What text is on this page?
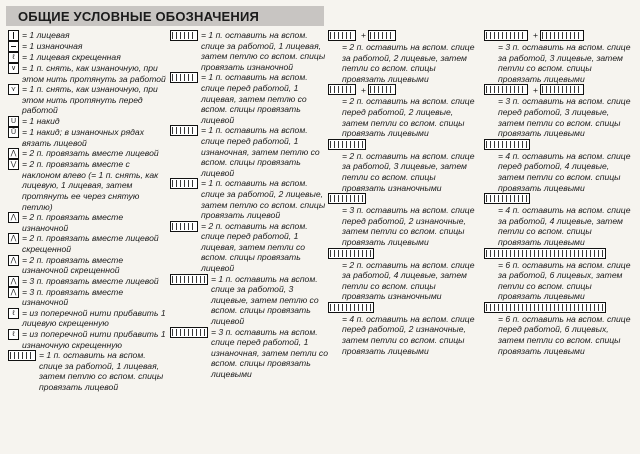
ОБЩИЕ УСЛОВНЫЕ ОБОЗНАЧЕНИЯ
= 1 лицевая
= 1 изнаночная
ℓ = 1 лицевая скрещенная
∨ = 1 п. снять, как изнаночную, при этом нить протянуть за работой
⋎ = 1 п. снять, как изнаночную, при этом нить протянуть перед работой
U = 1 накид
Ū = 1 накид; в изнаночных рядах вязать лицевой
⋀ = 2 п. провязать вместе лицевой
⋁ = 2 п. провязать вместе с наклоном влево (= 1 п. снять, как лицевую, 1 лицевая, затем протянуть ее через снятую петлю)
⋀ = 2 п. провязать вместе изнаночной
⋀ = 2 п. провязать вместе лицевой скрещенной
⋀ = 2 п. провязать вместе изнаночной скрещенной
⋀ = 3 п. провязать вместе лицевой
⋀ = 3 п. провязать вместе изнаночной
ℓ = из поперечной нити прибавить 1 лицевую скрещенную
ℓ = из поперечной нити прибавить 1 изнаночную скрещенную
= 1 п. оставить на вспом. спице за работой, 1 лицевая, затем петлю со вспом. спицы провязать лицевой
= 1 п. оставить на вспом. спице за работой, 1 лицевая, затем петлю со вспом. спицы провязать изнаночной
= 1 п. оставить на вспом. спице перед работой, 1 лицевая, затем петлю со вспом. спицы провязать лицевой
= 1 п. оставить на вспом. спице перед работой, 1 изнаночная, затем петлю со вспом. спицы провязать лицевой
= 1 п. оставить на вспом. спице за работой, 2 лицевые, затем петлю со вспом. спицы провязать лицевой
= 2 п. оставить на вспом. спице перед работой, 1 лицевая, затем петли со вспом. спицы провязать лицевой
= 1 п. оставить на вспом. спице за работой, 3 лицевые, затем петлю со вспом. спицы провязать лицевой
= 3 п. оставить на вспом. спице перед работой, 1 изнаночная, затем петли со вспом. спицы провязать лицевыми
+
= 2 п. оставить на вспом. спице за работой, 2 лицевые, затем петли со вспом. спицы провязать лицевыми
+
= 2 п. оставить на вспом. спице перед работой, 2 лицевые, затем петли со вспом. спицы провязать лицевыми
= 2 п. оставить на вспом. спице за работой, 3 лицевые, затем петли со вспом. спицы провязать изнаночными
= 3 п. оставить на вспом. спице перед работой, 2 изнаночные, затем петли со вспом. спицы провязать лицевыми
= 2 п. оставить на вспом. спице за работой, 4 лицевые, затем петли со вспом. спицы провязать изнаночными
= 4 п. оставить на вспом. спице перед работой, 2 изнаночные, затем петли со вспом. спицы провязать лицевыми
+
= 3 п. оставить на вспом. спице за работой, 3 лицевые, затем петли со вспом. спицы провязать лицевыми
+
= 3 п. оставить на вспом. спице перед работой, 3 лицевые, затем петли со вспом. спицы провязать лицевыми
= 4 п. оставить на вспом. спице перед работой, 4 лицевые, затем петли со вспом. спицы провязать лицевыми
= 4 п. оставить на вспом. спице за работой, 4 лицевые, затем петли со вспом. спицы провязать лицевыми
= 6 п. оставить на вспом. спице за работой, 6 лицевых, затем петли со вспом. спицы провязать лицевыми
= 6 п. оставить на вспом. спице перед работой, 6 лицевых, затем петли со вспом. спицы провязать лицевыми
